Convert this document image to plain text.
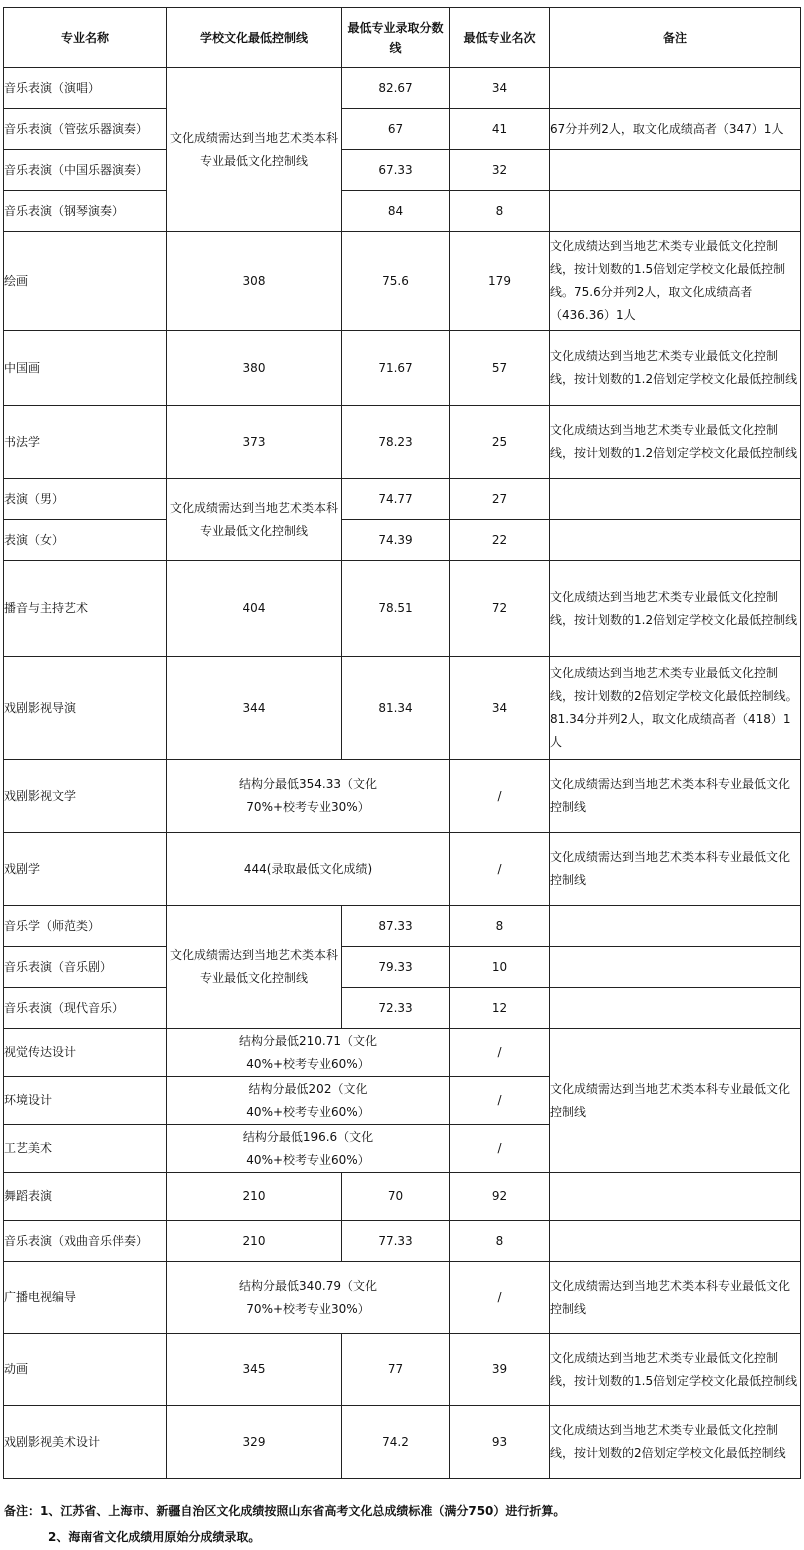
专业名称	学校文化最低控制线	最低专业录取分数线	最低专业名次	备注
音乐表演（演唱）	文化成绩需达到当地艺术类本科专业最低文化控制线	82.67	34	
音乐表演（管弦乐器演奏）		67	41	67分并列2人，取文化成绩高者（347）1人
音乐表演（中国乐器演奏）		67.33	32	
音乐表演（钢琴演奏）		84	8	
绘画	308	75.6	179	文化成绩达到当地艺术类专业最低文化控制线，按计划数的1.5倍划定学校文化最低控制线。75.6分并列2人，取文化成绩高者（436.36）1人
中国画	380	71.67	57	文化成绩达到当地艺术类专业最低文化控制线，按计划数的1.2倍划定学校文化最低控制线
书法学	373	78.23	25	文化成绩达到当地艺术类专业最低文化控制线，按计划数的1.2倍划定学校文化最低控制线
表演（男）	文化成绩需达到当地艺术类本科专业最低文化控制线	74.77	27	
表演（女）		74.39	22	
播音与主持艺术	404	78.51	72	文化成绩达到当地艺术类专业最低文化控制线，按计划数的1.2倍划定学校文化最低控制线
戏剧影视导演	344	81.34	34	文化成绩达到当地艺术类专业最低文化控制线，按计划数的2倍划定学校文化最低控制线。81.34分并列2人，取文化成绩高者（418）1人
戏剧影视文学	结构分最低354.33（文化70%+校考专业30%）		/	文化成绩需达到当地艺术类本科专业最低文化控制线
戏剧学	444(录取最低文化成绩)		/	文化成绩需达到当地艺术类本科专业最低文化控制线
音乐学（师范类）	文化成绩需达到当地艺术类本科专业最低文化控制线	87.33	8	
音乐表演（音乐剧）		79.33	10	
音乐表演（现代音乐）		72.33	12	
视觉传达设计	结构分最低210.71（文化40%+校考专业60%）		/	文化成绩需达到当地艺术类本科专业最低文化控制线
环境设计	结构分最低202（文化40%+校考专业60%）		/	
工艺美术	结构分最低196.6（文化40%+校考专业60%）		/	
舞蹈表演	210	70	92	
音乐表演（戏曲音乐伴奏）	210	77.33	8	
广播电视编导	结构分最低340.79（文化70%+校考专业30%）		/	文化成绩需达到当地艺术类本科专业最低文化控制线
动画	345	77	39	文化成绩达到当地艺术类专业最低文化控制线，按计划数的1.5倍划定学校文化最低控制线
戏剧影视美术设计	329	74.2	93	文化成绩达到当地艺术类专业最低文化控制线，按计划数的2倍划定学校文化最低控制线
备注：1、江苏省、上海市、新疆自治区文化成绩按照山东省高考文化总成绩标准（满分750）进行折算。
2、海南省文化成绩用原始分成绩录取。
